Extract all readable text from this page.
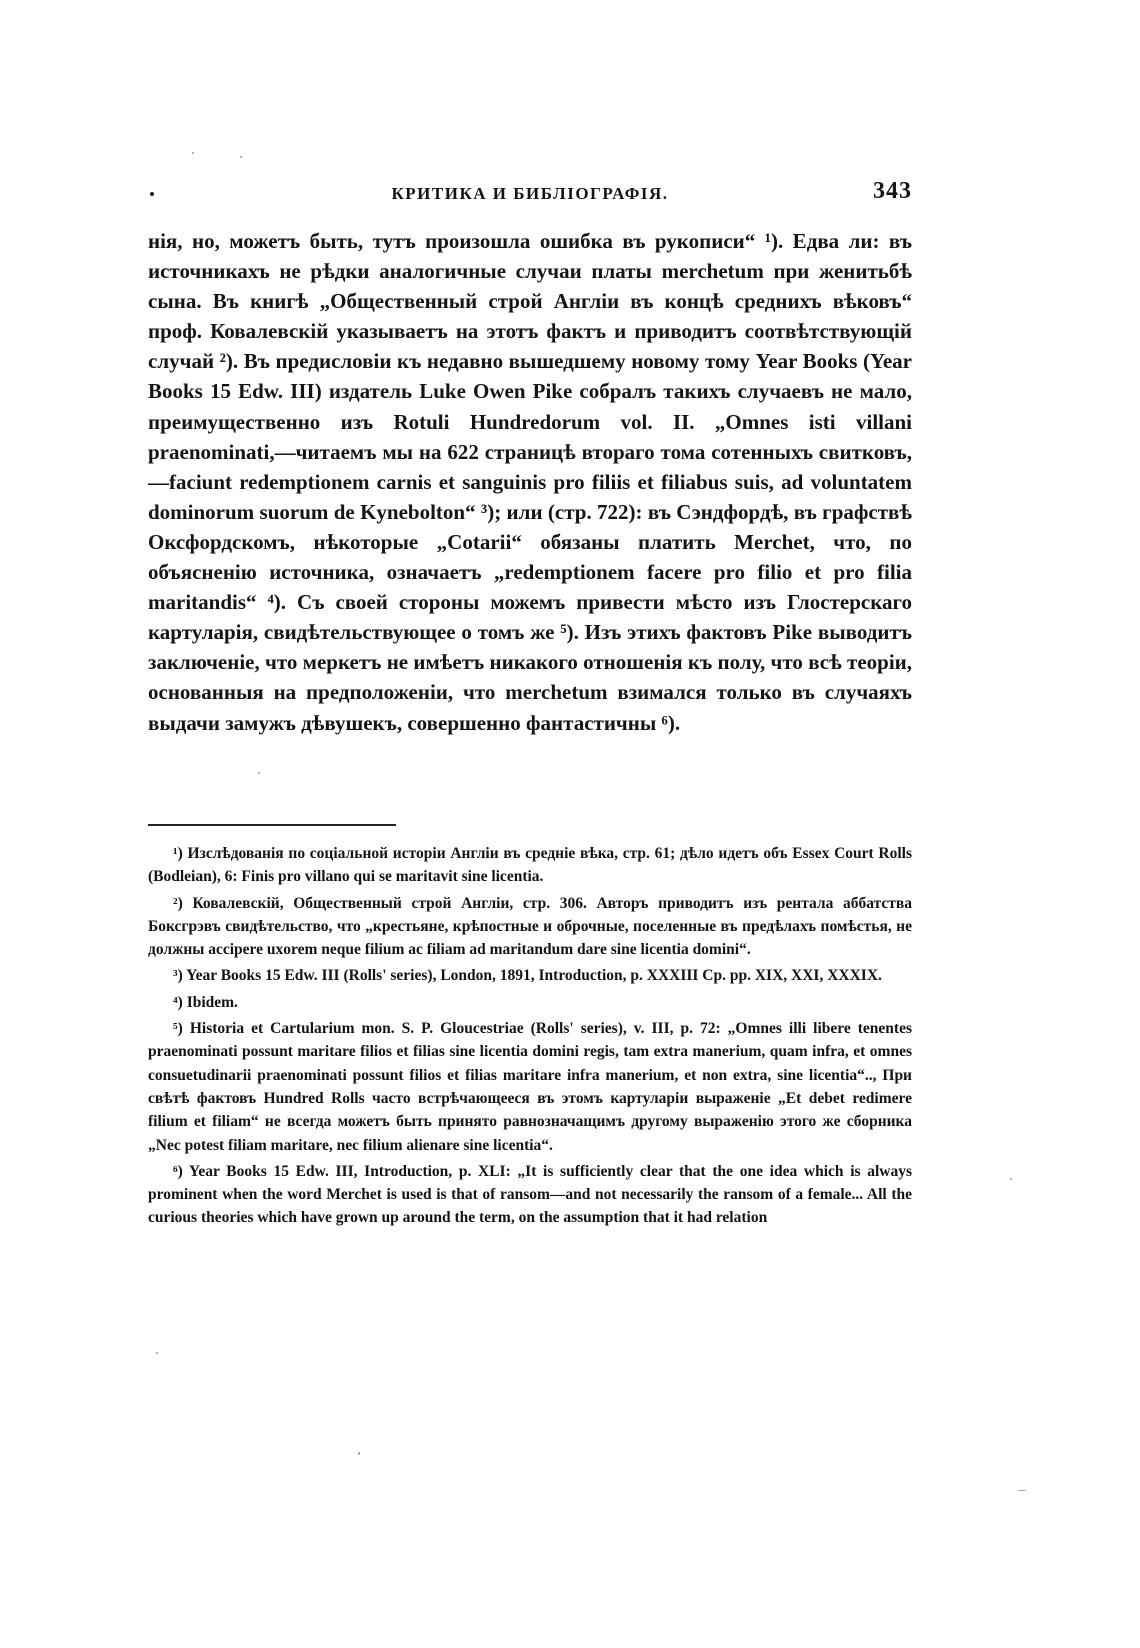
КРИТИКА И БИБЛІОГРАФІЯ.	343

нія, но, можетъ быть, тутъ произошла ошибка въ рукописи“ ¹). Едва ли: въ источникахъ не рѣдки аналогичные случаи платы merchetum при женитьбѣ сына. Въ книгѣ „Общественный строй Англіи въ концѣ среднихъ вѣковъ“ проф. Ковалевскій указываетъ на этотъ фактъ и приводитъ соотвѣтствующій случай ²). Въ предисловіи къ недавно вышедшему новому тому Year Books (Year Books 15 Edw. III) издатель Luke Owen Pike собралъ такихъ случаевъ не мало, преимущественно изъ Rotuli Hundredorum vol. II. „Omnes isti villani praenominati,—читаемъ мы на 622 страницѣ втораго тома сотенныхъ свитковъ,—faciunt redemptionem carnis et sanguinis pro filiis et filiabus suis, ad voluntatem dominorum suorum de Kynebolton“ ³); или (стр. 722): въ Сэндфордѣ, въ графствѣ Оксфордскомъ, нѣкоторые „Cotarii“ обязаны платить Merchet, что, по объясненію источника, означаетъ „redemptionem facere pro filio et pro filia maritandis“ ⁴). Съ своей стороны можемъ привести мѣсто изъ Глостерскаго картуларія, свидѣтельствующее о томъ же ⁵). Изъ этихъ фактовъ Pike выводитъ заключеніе, что меркетъ не имѣетъ никакого отношенія къ полу, что всѣ теоріи, основанныя на предположеніи, что merchetum взимался только въ случаяхъ выдачи замужъ дѣвушекъ, совершенно фантастичны ⁶).

¹) Изслѣдованія по соціальной исторіи Англіи въ средніе вѣка, стр. 61; дѣло идетъ объ Essex Court Rolls (Bodleian), 6: Finis pro villano qui se maritavit sine licentia.

²) Ковалевскій, Общественный строй Англіи, стр. 306. Авторъ приводитъ изъ рентала аббатства Боксгрэвъ свидѣтельство, что „крестьяне, крѣпостные и оброчные, поселенные въ предѣлахъ помѣстья, не должны accipere uxorem neque filium ac filiam ad maritandum dare sine licentia domini“.

³) Year Books 15 Edw. III (Rolls' series), London, 1891, Introduction, p. XXXIII Ср. pp. XIX, XXI, XXXIX.

⁴) Ibidem.

⁵) Historia et Cartularium mon. S. P. Gloucestriae (Rolls' series), v. III, p. 72: „Omnes illi libere tenentes praenominati possunt maritare filios et filias sine licentia domini regis, tam extra manerium, quam infra, et omnes consuetudinarii praenominati possunt filios et filias maritare infra manerium, et non extra, sine licentia“.., При свѣтѣ фактовъ Hundred Rolls часто встрѣчающееся въ этомъ картуларіи выраженіе „Et debet redimere filium et filiam“ не всегда можетъ быть принято равнозначащимъ другому выраженію этого же сборника „Nec potest filiam maritare, nec filium alienare sine licentia“.

⁶) Year Books 15 Edw. III, Introduction, p. XLI: „It is sufficiently clear that the one idea which is always prominent when the word Merchet is used is that of ransom—and not necessarily the ransom of a female... All the curious theories which have grown up around the term, on the assumption that it had relation
